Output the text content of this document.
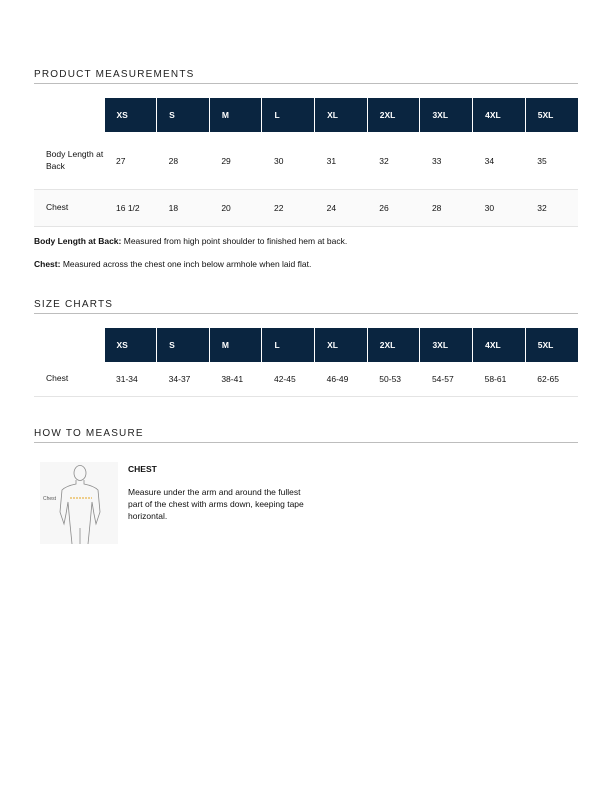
PRODUCT MEASUREMENTS
	XS	S	M	L	XL	2XL	3XL	4XL	5XL
Body Length at Back	27	28	29	30	31	32	33	34	35
Chest	16 1/2	18	20	22	24	26	28	30	32

Body Length at Back: Measured from high point shoulder to finished hem at back.

Chest: Measured across the chest one inch below armhole when laid flat.

SIZE CHARTS
	XS	S	M	L	XL	2XL	3XL	4XL	5XL
Chest	31-34	34-37	38-41	42-45	46-49	50-53	54-57	58-61	62-65
HOW TO MEASURE
Chest

CHEST

Measure under the arm and around the fullest part of the chest with arms down, keeping tape horizontal.
